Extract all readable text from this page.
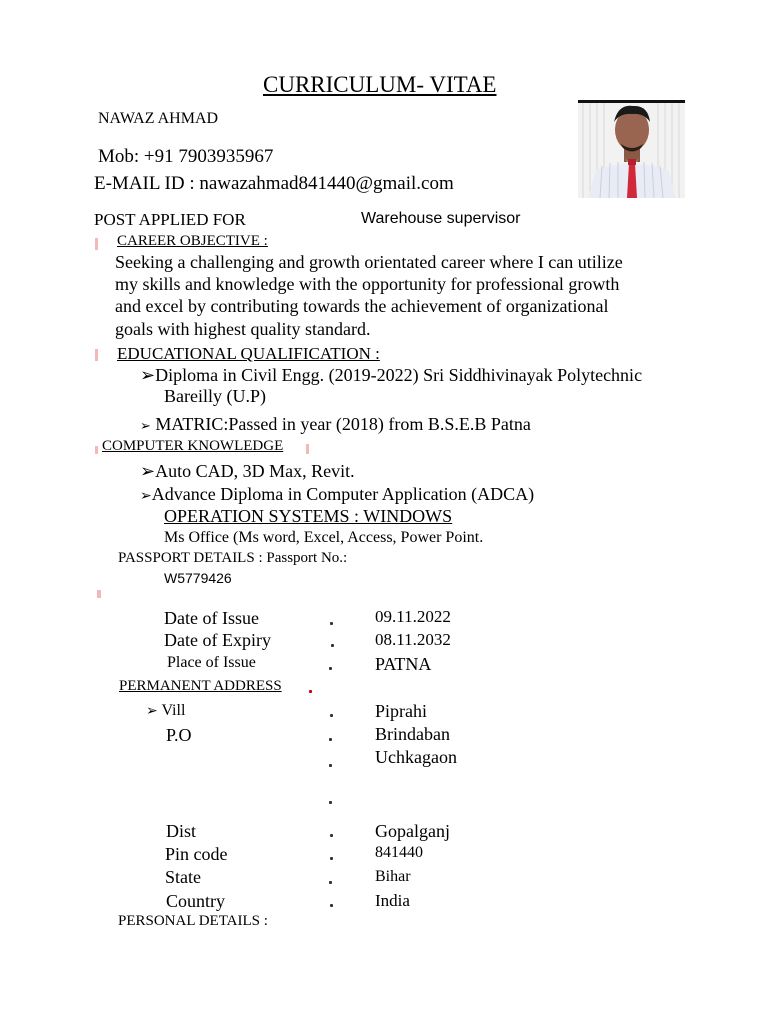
CURRICULUM- VITAE
NAWAZ AHMAD
Mob: +91 7903935967
E-MAIL ID : nawazahmad841440@gmail.com
POST APPLIED FOR	Warehouse supervisor
CAREER OBJECTIVE :
Seeking a challenging and growth orientated career where I can utilize
my skills and knowledge with the opportunity for professional growth
and excel by contributing towards the achievement of organizational
goals with highest quality standard.
EDUCATIONAL QUALIFICATION :
➢Diploma in Civil Engg. (2019-2022) Sri Siddhivinayak Polytechnic
Bareilly (U.P)
➢ MATRIC:Passed in year (2018) from B.S.E.B Patna
COMPUTER KNOWLEDGE
➢Auto CAD, 3D Max, Revit.
➢Advance Diploma in Computer Application (ADCA)
OPERATION SYSTEMS : WINDOWS
Ms Office (Ms word, Excel, Access, Power Point.
PASSPORT DETAILS : Passport No.:
W5779426
Date of Issue	09.11.2022
Date of Expiry	08.11.2032
Place of Issue	PATNA
PERMANENT ADDRESS
➢ Vill	Piprahi
P.O	Brindaban
Uchkagaon
Dist	Gopalganj
Pin code	841440
State	Bihar
Country	India
PERSONAL DETAILS :
